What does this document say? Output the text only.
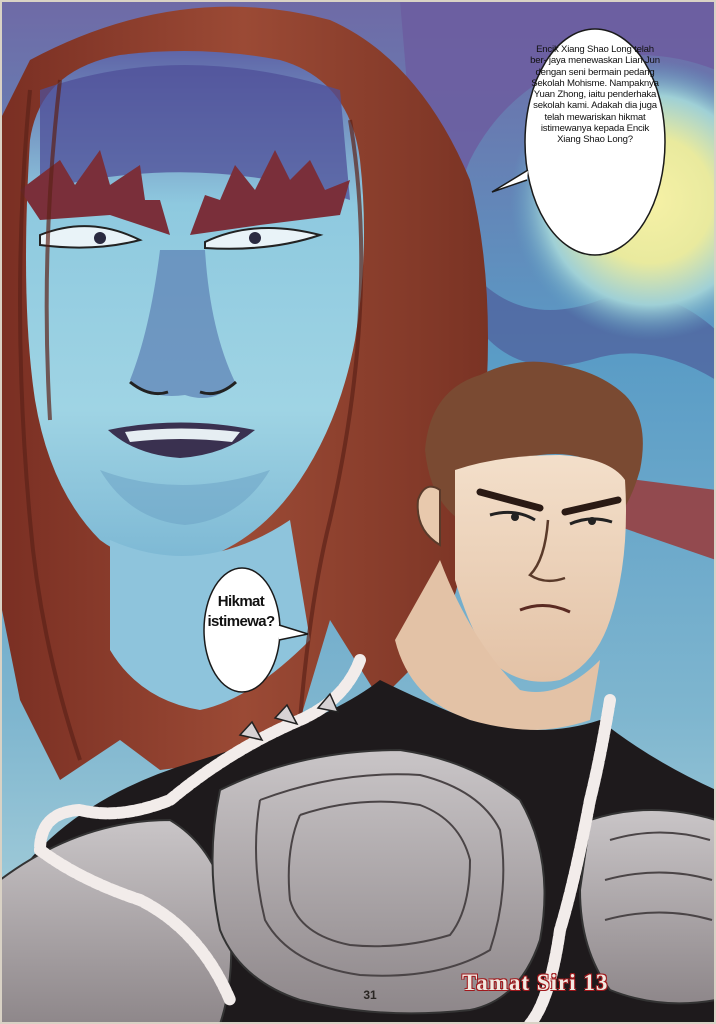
Encik Xiang Shao Long telah ber- jaya menewaskan Lian Jun dengan seni bermain pedang Sekolah Mohisme. Nampaknya Yuan Zhong, iaitu penderhaka sekolah kami. Adakah dia juga telah mewariskan hikmat istimewanya kepada Encik Xiang Shao Long?
Hikmat istimewa?
31	Tamat Siri 13
